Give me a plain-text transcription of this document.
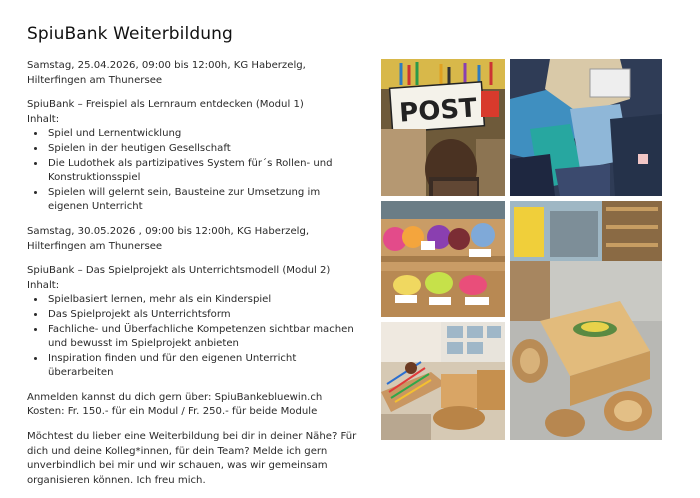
SpiuBank Weiterbildung

Samstag, 25.04.2026, 09:00 bis 12:00h, KG Haberzelg,
Hilterfingen am Thunersee

SpiuBank – Freispiel als Lernraum entdecken (Modul 1)

Inhalt:

• Spiel und Lernentwicklung
• Spielen in der heutigen Gesellschaft
• Die Ludothek als partizipatives System für´s Rollen- und Konstruktionsspiel
• Spielen will gelernt sein, Bausteine zur Umsetzung im eigenen Unterricht

Samstag, 30.05.2026 , 09:00 bis 12:00h, KG Haberzelg, Hilterfingen am Thunersee

SpiuBank – Das Spielprojekt als Unterrichtsmodell (Modul 2)

Inhalt:

• Spielbasiert lernen, mehr als ein Kinderspiel
• Das Spielprojekt als Unterrichtsform
• Fachliche- und Überfachliche Kompetenzen sichtbar machen und bewusst im Spielprojekt anbieten
• Inspiration finden und für den eigenen Unterricht überarbeiten

Anmelden kannst du dich gern über: SpiuBankebluewin.ch

Kosten: Fr. 150.- für ein Modul / Fr. 250.- für beide Module

Möchtest du lieber eine Weiterbildung bei dir in deiner Nähe? Für dich und deine Kolleg*innen, für dein Team? Melde ich gern unverbindlich bei mir und wir schauen, was wir gemeinsam organisieren können. Ich freu mich.

POST
